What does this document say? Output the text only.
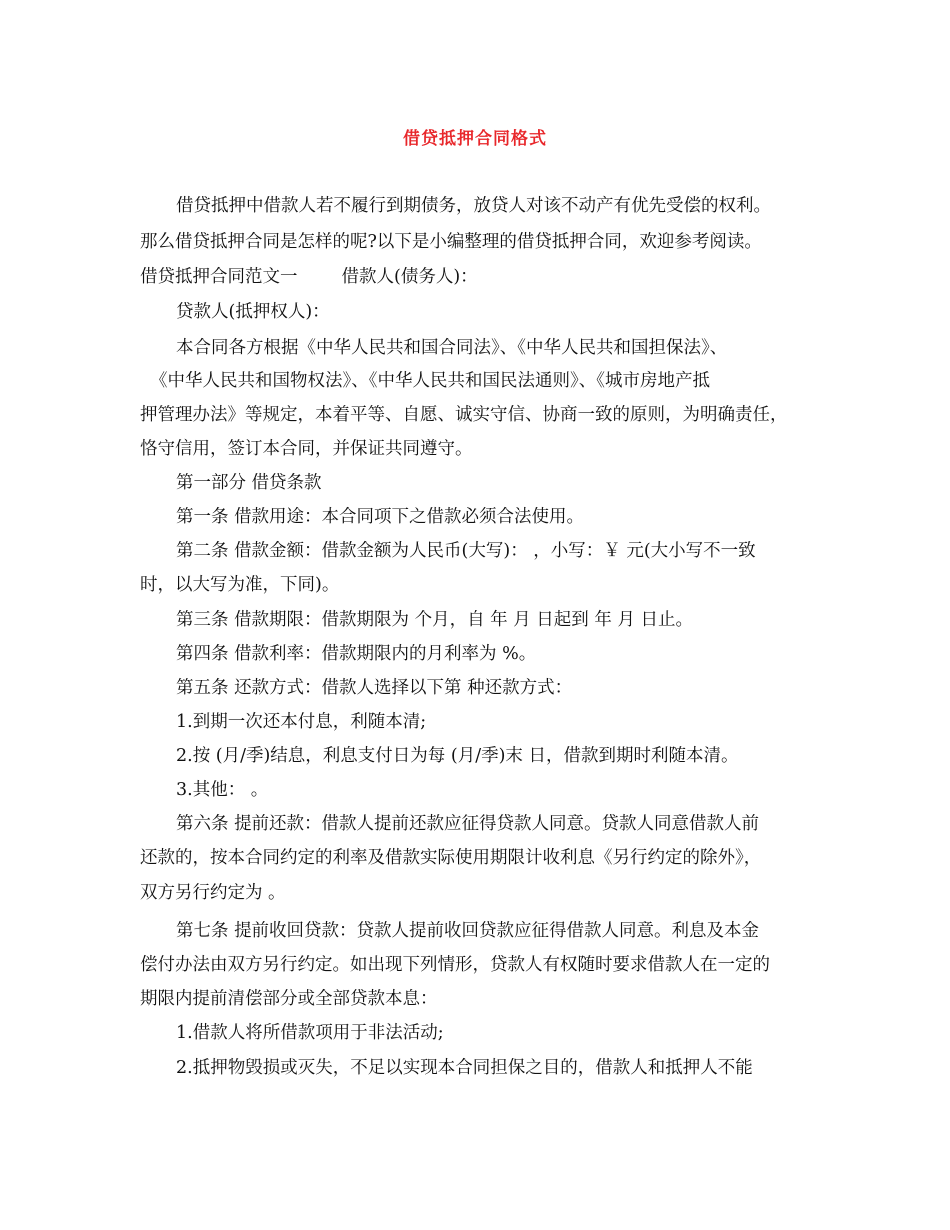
借贷抵押合同格式
借贷抵押中借款人若不履行到期债务，放贷人对该不动产有优先受偿的权利。
那么借贷抵押合同是怎样的呢?以下是小编整理的借贷抵押合同，欢迎参考阅读。
借贷抵押合同范文一	借款人(债务人)：
贷款人(抵押权人)：
本合同各方根据《中华人民共和国合同法》、《中华人民共和国担保法》、
《中华人民共和国物权法》、《中华人民共和国民法通则》、《城市房地产抵
押管理办法》等规定，本着平等、自愿、诚实守信、协商一致的原则，为明确责任，
恪守信用，签订本合同，并保证共同遵守。
第一部分 借贷条款
第一条 借款用途：本合同项下之借款必须合法使用。
第二条 借款金额：借款金额为人民币(大写)： ，小写：￥ 元(大小写不一致
时，以大写为准，下同)。
第三条 借款期限：借款期限为 个月，自 年 月 日起到 年 月 日止。
第四条 借款利率：借款期限内的月利率为 %。
第五条 还款方式：借款人选择以下第 种还款方式：
1.到期一次还本付息，利随本清;
2.按 (月/季)结息，利息支付日为每 (月/季)末 日，借款到期时利随本清。
3.其他： 。
第六条 提前还款：借款人提前还款应征得贷款人同意。贷款人同意借款人前
还款的，按本合同约定的利率及借款实际使用期限计收利息《另行约定的除外》，
双方另行约定为 。
第七条 提前收回贷款：贷款人提前收回贷款应征得借款人同意。利息及本金
偿付办法由双方另行约定。如出现下列情形，贷款人有权随时要求借款人在一定的
期限内提前清偿部分或全部贷款本息：
1.借款人将所借款项用于非法活动;
2.抵押物毁损或灭失，不足以实现本合同担保之目的，借款人和抵押人不能
